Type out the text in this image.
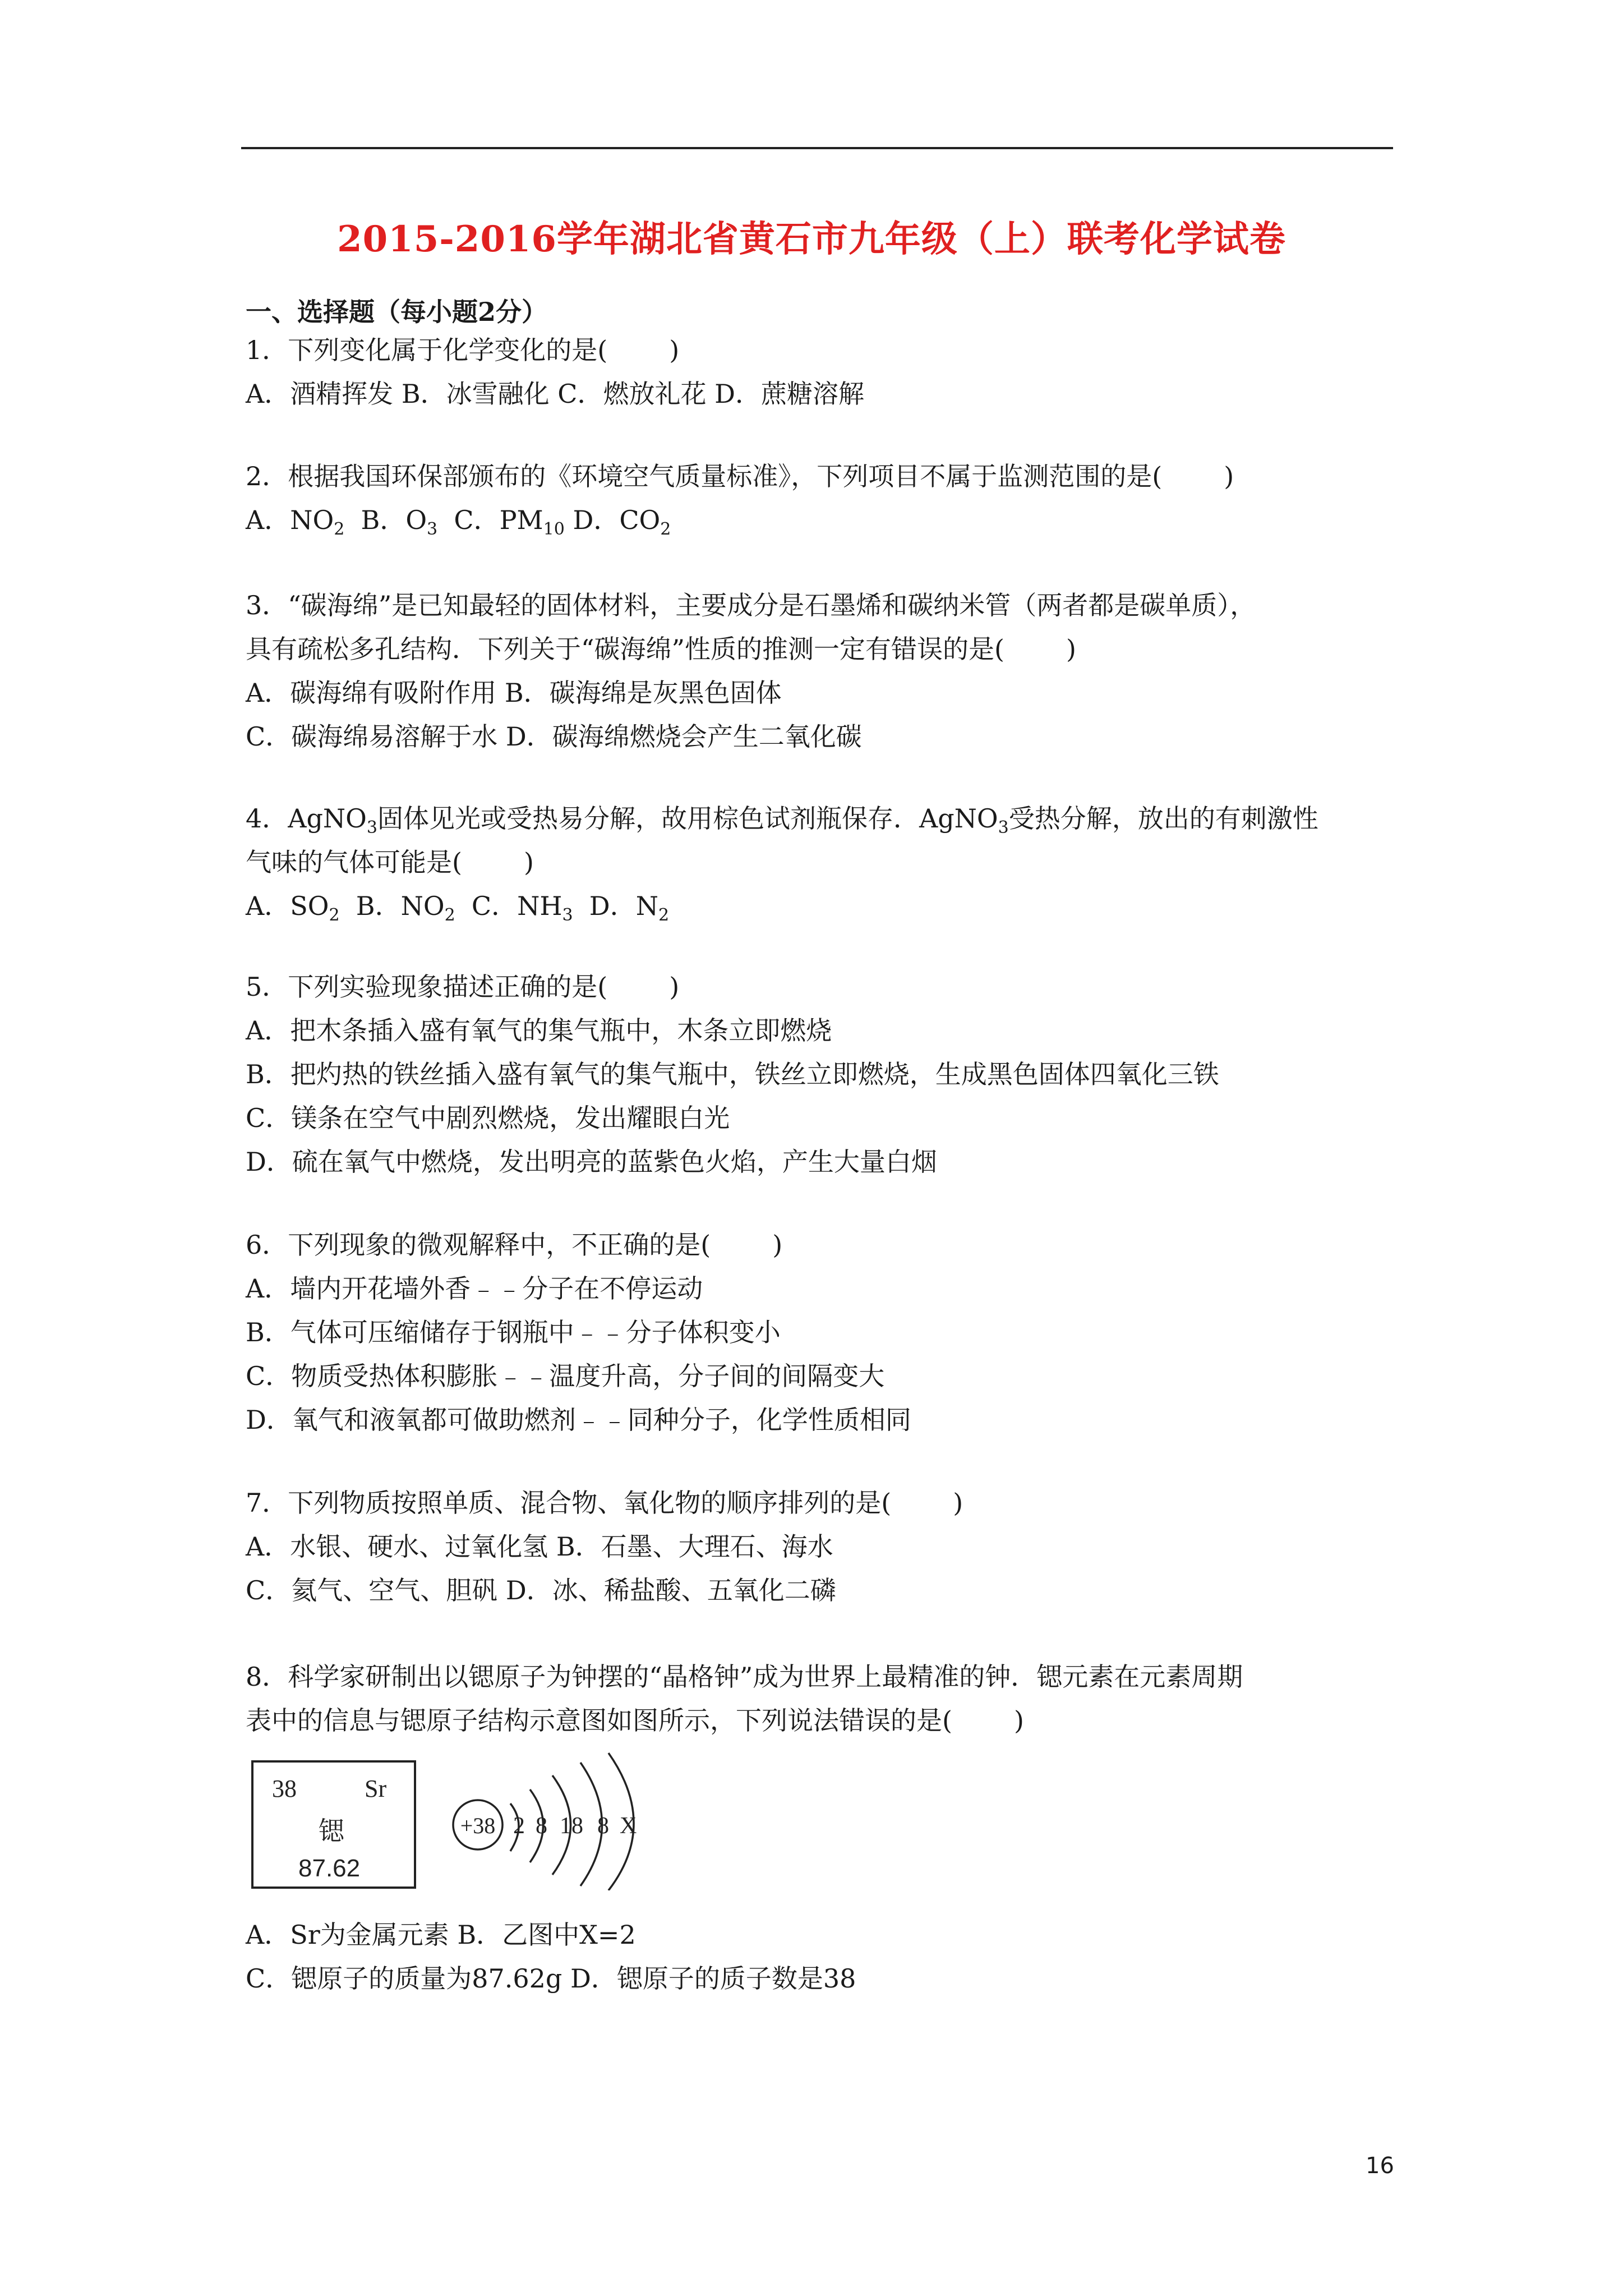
2015-2016学年湖北省黄石市九年级（上）联考化学试卷
一、选择题（每小题2分）
1．下列变化属于化学变化的是( )
A．酒精挥发 B．冰雪融化 C．燃放礼花 D．蔗糖溶解
2．根据我国环保部颁布的《环境空气质量标准》，下列项目不属于监测范围的是( )
A．$NO_2$  B．$O_3$  C．$PM_{10}$ D．$CO_2$
3．“碳海绵”是已知最轻的固体材料，主要成分是石墨烯和碳纳米管（两者都是碳单质），
具有疏松多孔结构．下列关于“碳海绵”性质的推测一定有错误的是( )
A．碳海绵有吸附作用 B．碳海绵是灰黑色固体
C．碳海绵易溶解于水 D．碳海绵燃烧会产生二氧化碳
4．AgNO$_3$固体见光或受热易分解，故用棕色试剂瓶保存．AgNO$_3$受热分解，放出的有刺激性
气味的气体可能是( )
A．$SO_2$  B．$NO_2$  C．$NH_3$  D．$N_2$
5．下列实验现象描述正确的是( )
A．把木条插入盛有氧气的集气瓶中，木条立即燃烧
B．把灼热的铁丝插入盛有氧气的集气瓶中，铁丝立即燃烧，生成黑色固体四氧化三铁
C．镁条在空气中剧烈燃烧，发出耀眼白光
D．硫在氧气中燃烧，发出明亮的蓝紫色火焰，产生大量白烟
6．下列现象的微观解释中，不正确的是( )
A．墙内开花墙外香﹣﹣分子在不停运动
B．气体可压缩储存于钢瓶中﹣﹣分子体积变小
C．物质受热体积膨胀﹣﹣温度升高，分子间的间隔变大
D．氧气和液氧都可做助燃剂﹣﹣同种分子，化学性质相同
7．下列物质按照单质、混合物、氧化物的顺序排列的是( )
A．水银、硬水、过氧化氢 B．石墨、大理石、海水
C．氦气、空气、胆矾 D．冰、稀盐酸、五氧化二磷
8．科学家研制出以锶原子为钟摆的“晶格钟”成为世界上最精准的钟．锶元素在元素周期
表中的信息与锶原子结构示意图如图所示，下列说法错误的是( )
38	Sr
锶
87.62
+38 2 8 18 8 X
A．Sr为金属元素 B．乙图中X=2
C．锶原子的质量为87.62g D．锶原子的质子数是38
16
